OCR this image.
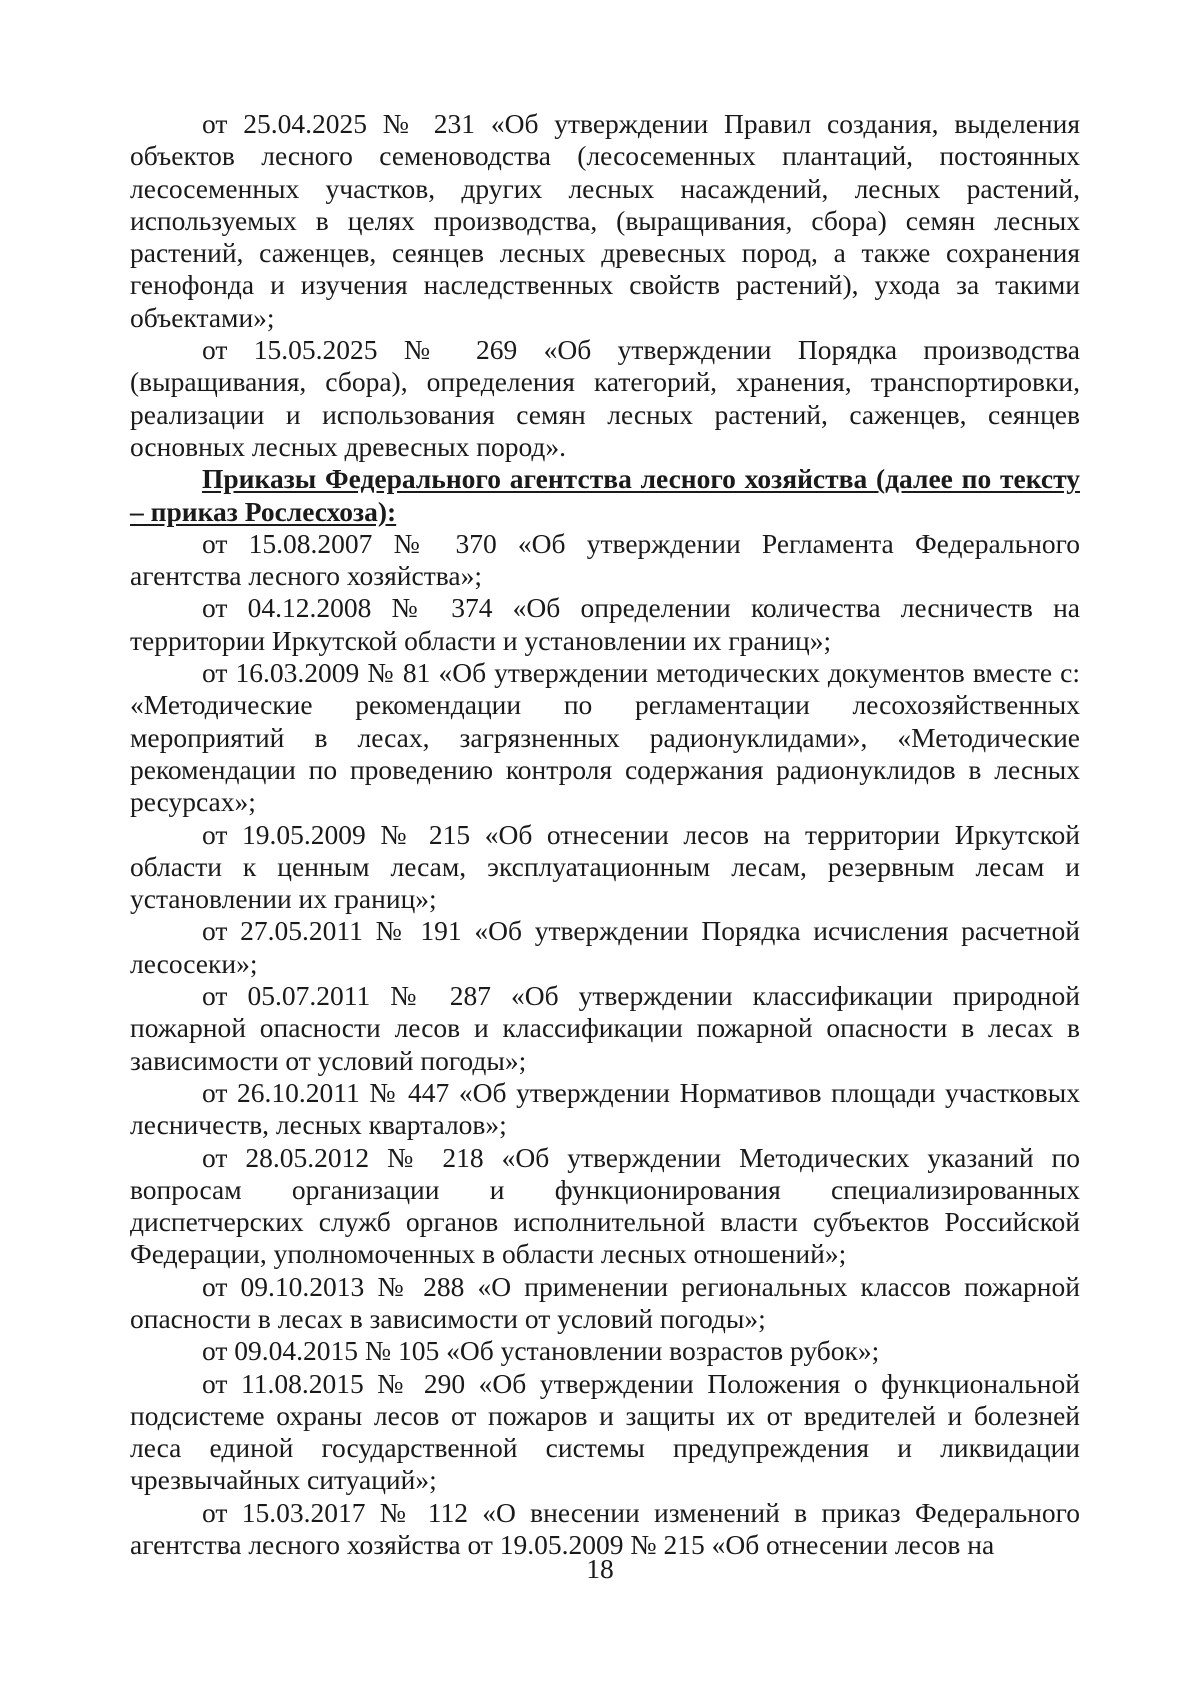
от 25.04.2025 № 231 «Об утверждении Правил создания, выделения объектов лесного семеноводства (лесосеменных плантаций, постоянных лесосеменных участков, других лесных насаждений, лесных растений, используемых в целях производства, (выращивания, сбора) семян лесных растений, саженцев, сеянцев лесных древесных пород, а также сохранения генофонда и изучения наследственных свойств растений), ухода за такими объектами»;

от 15.05.2025 № 269 «Об утверждении Порядка производства (выращивания, сбора), определения категорий, хранения, транспортировки, реализации и использования семян лесных растений, саженцев, сеянцев основных лесных древесных пород».

Приказы Федерального агентства лесного хозяйства (далее по тексту – приказ Рослесхоза):

от 15.08.2007 № 370 «Об утверждении Регламента Федерального агентства лесного хозяйства»;

от 04.12.2008 № 374 «Об определении количества лесничеств на территории Иркутской области и установлении их границ»;

от 16.03.2009 № 81 «Об утверждении методических документов вместе с: «Методические рекомендации по регламентации лесохозяйственных мероприятий в лесах, загрязненных радионуклидами», «Методические рекомендации по проведению контроля содержания радионуклидов в лесных ресурсах»;

от 19.05.2009 № 215 «Об отнесении лесов на территории Иркутской области к ценным лесам, эксплуатационным лесам, резервным лесам и установлении их границ»;

от 27.05.2011 № 191 «Об утверждении Порядка исчисления расчетной лесосеки»;

от 05.07.2011 № 287 «Об утверждении классификации природной пожарной опасности лесов и классификации пожарной опасности в лесах в зависимости от условий погоды»;

от 26.10.2011 № 447 «Об утверждении Нормативов площади участковых лесничеств, лесных кварталов»;

от 28.05.2012 № 218 «Об утверждении Методических указаний по вопросам организации и функционирования специализированных диспетчерских служб органов исполнительной власти субъектов Российской Федерации, уполномоченных в области лесных отношений»;

от 09.10.2013 № 288 «О применении региональных классов пожарной опасности в лесах в зависимости от условий погоды»;

от 09.04.2015 № 105 «Об установлении возрастов рубок»;

от 11.08.2015 № 290 «Об утверждении Положения о функциональной подсистеме охраны лесов от пожаров и защиты их от вредителей и болезней леса единой государственной системы предупреждения и ликвидации чрезвычайных ситуаций»;

от 15.03.2017 № 112 «О внесении изменений в приказ Федерального агентства лесного хозяйства от 19.05.2009 № 215 «Об отнесении лесов на

18
